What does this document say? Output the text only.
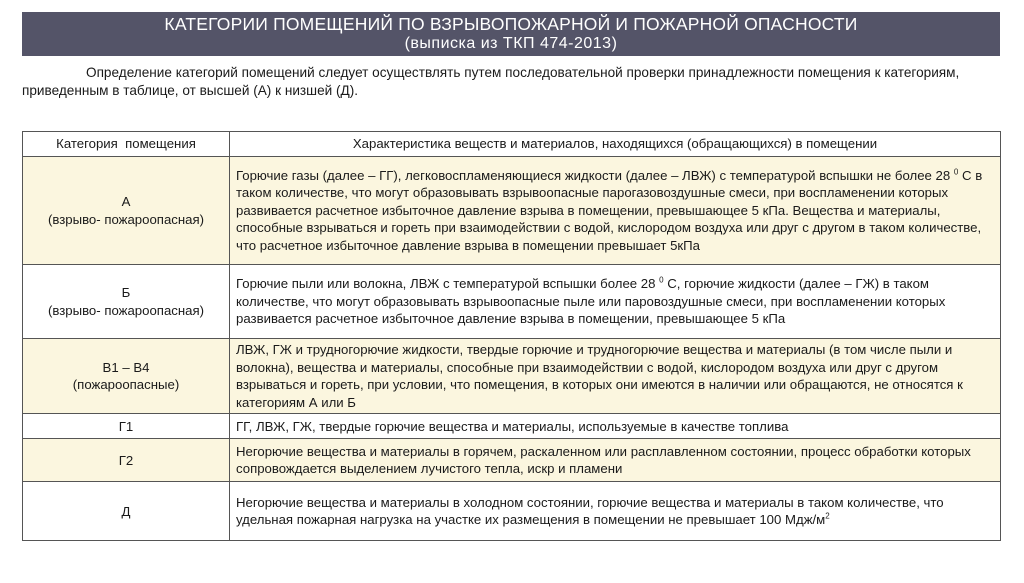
КАТЕГОРИИ ПОМЕЩЕНИЙ ПО ВЗРЫВОПОЖАРНОЙ И ПОЖАРНОЙ ОПАСНОСТИ
(выписка из ТКП 474-2013)

Определение категорий помещений следует осуществлять путем последовательной проверки принадлежности помещения к категориям, приведенным в таблице, от высшей (А) к низшей (Д).

Категория  помещения	Характеристика веществ и материалов, находящихся (обращающихся) в помещении

А
(взрыво- пожароопасная)	Горючие газы (далее – ГГ), легковоспламеняющиеся жидкости (далее – ЛВЖ) с температурой вспышки не более 28 $^0$ С в таком количестве, что могут образовывать взрывоопасные парогазовоздушные смеси, при воспламенении которых развивается расчетное избыточное давление взрыва в помещении, превышающее 5 кПа. Вещества и материалы, способные взрываться и гореть при взаимодействии с водой, кислородом воздуха или друг с другом в таком количестве, что расчетное избыточное давление взрыва в помещении превышает 5кПа

Б
(взрыво- пожароопасная)	Горючие пыли или волокна, ЛВЖ с температурой вспышки более 28 $^0$ С, горючие жидкости (далее – ГЖ) в таком количестве, что могут образовывать взрывоопасные пыле или паровоздушные смеси, при воспламенении которых развивается расчетное избыточное давление взрыва в помещении, превышающее 5 кПа

В1 – В4
(пожароопасные)	ЛВЖ, ГЖ и трудногорючие жидкости, твердые горючие и трудногорючие вещества и материалы (в том числе пыли и волокна), вещества и материалы, способные при взаимодействии с водой, кислородом воздуха или друг с другом взрываться и гореть, при условии, что помещения, в которых они имеются в наличии или обращаются, не относятся к категориям А или Б
Г1	ГГ, ЛВЖ, ГЖ, твердые горючие вещества и материалы, используемые в качестве топлива
Г2	Негорючие вещества и материалы в горячем, раскаленном или расплавленном состоянии, процесс обработки которых сопровождается выделением лучистого тепла, искр и пламени
Д	Негорючие вещества и материалы в холодном состоянии, горючие вещества и материалы в таком количестве, что удельная пожарная нагрузка на участке их размещения в помещении не превышает 100 Мдж/$м^2$
